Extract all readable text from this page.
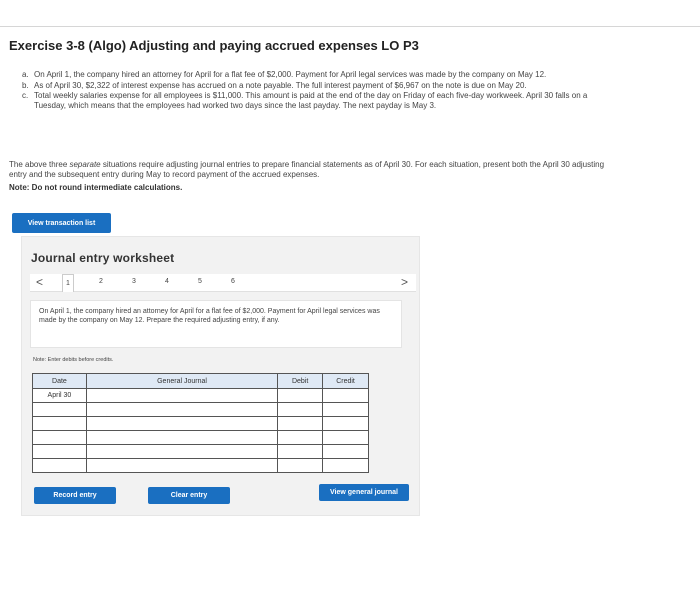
Exercise 3-8 (Algo) Adjusting and paying accrued expenses LO P3
a. On April 1, the company hired an attorney for April for a flat fee of $2,000. Payment for April legal services was made by the company on May 12.
b. As of April 30, $2,322 of interest expense has accrued on a note payable. The full interest payment of $6,967 on the note is due on May 20.
c. Total weekly salaries expense for all employees is $11,000. This amount is paid at the end of the day on Friday of each five-day workweek. April 30 falls on a Tuesday, which means that the employees had worked two days since the last payday. The next payday is May 3.
The above three separate situations require adjusting journal entries to prepare financial statements as of April 30. For each situation, present both the April 30 adjusting entry and the subsequent entry during May to record payment of the accrued expenses.
Note: Do not round intermediate calculations.
View transaction list
Journal entry worksheet
<	1	2	3	4	5	6	>
On April 1, the company hired an attorney for April for a flat fee of $2,000. Payment for April legal services was made by the company on May 12. Prepare the required adjusting entry, if any.
Note: Enter debits before credits.
Date	General Journal	Debit	Credit
April 30			

Record entry	Clear entry	View general journal
